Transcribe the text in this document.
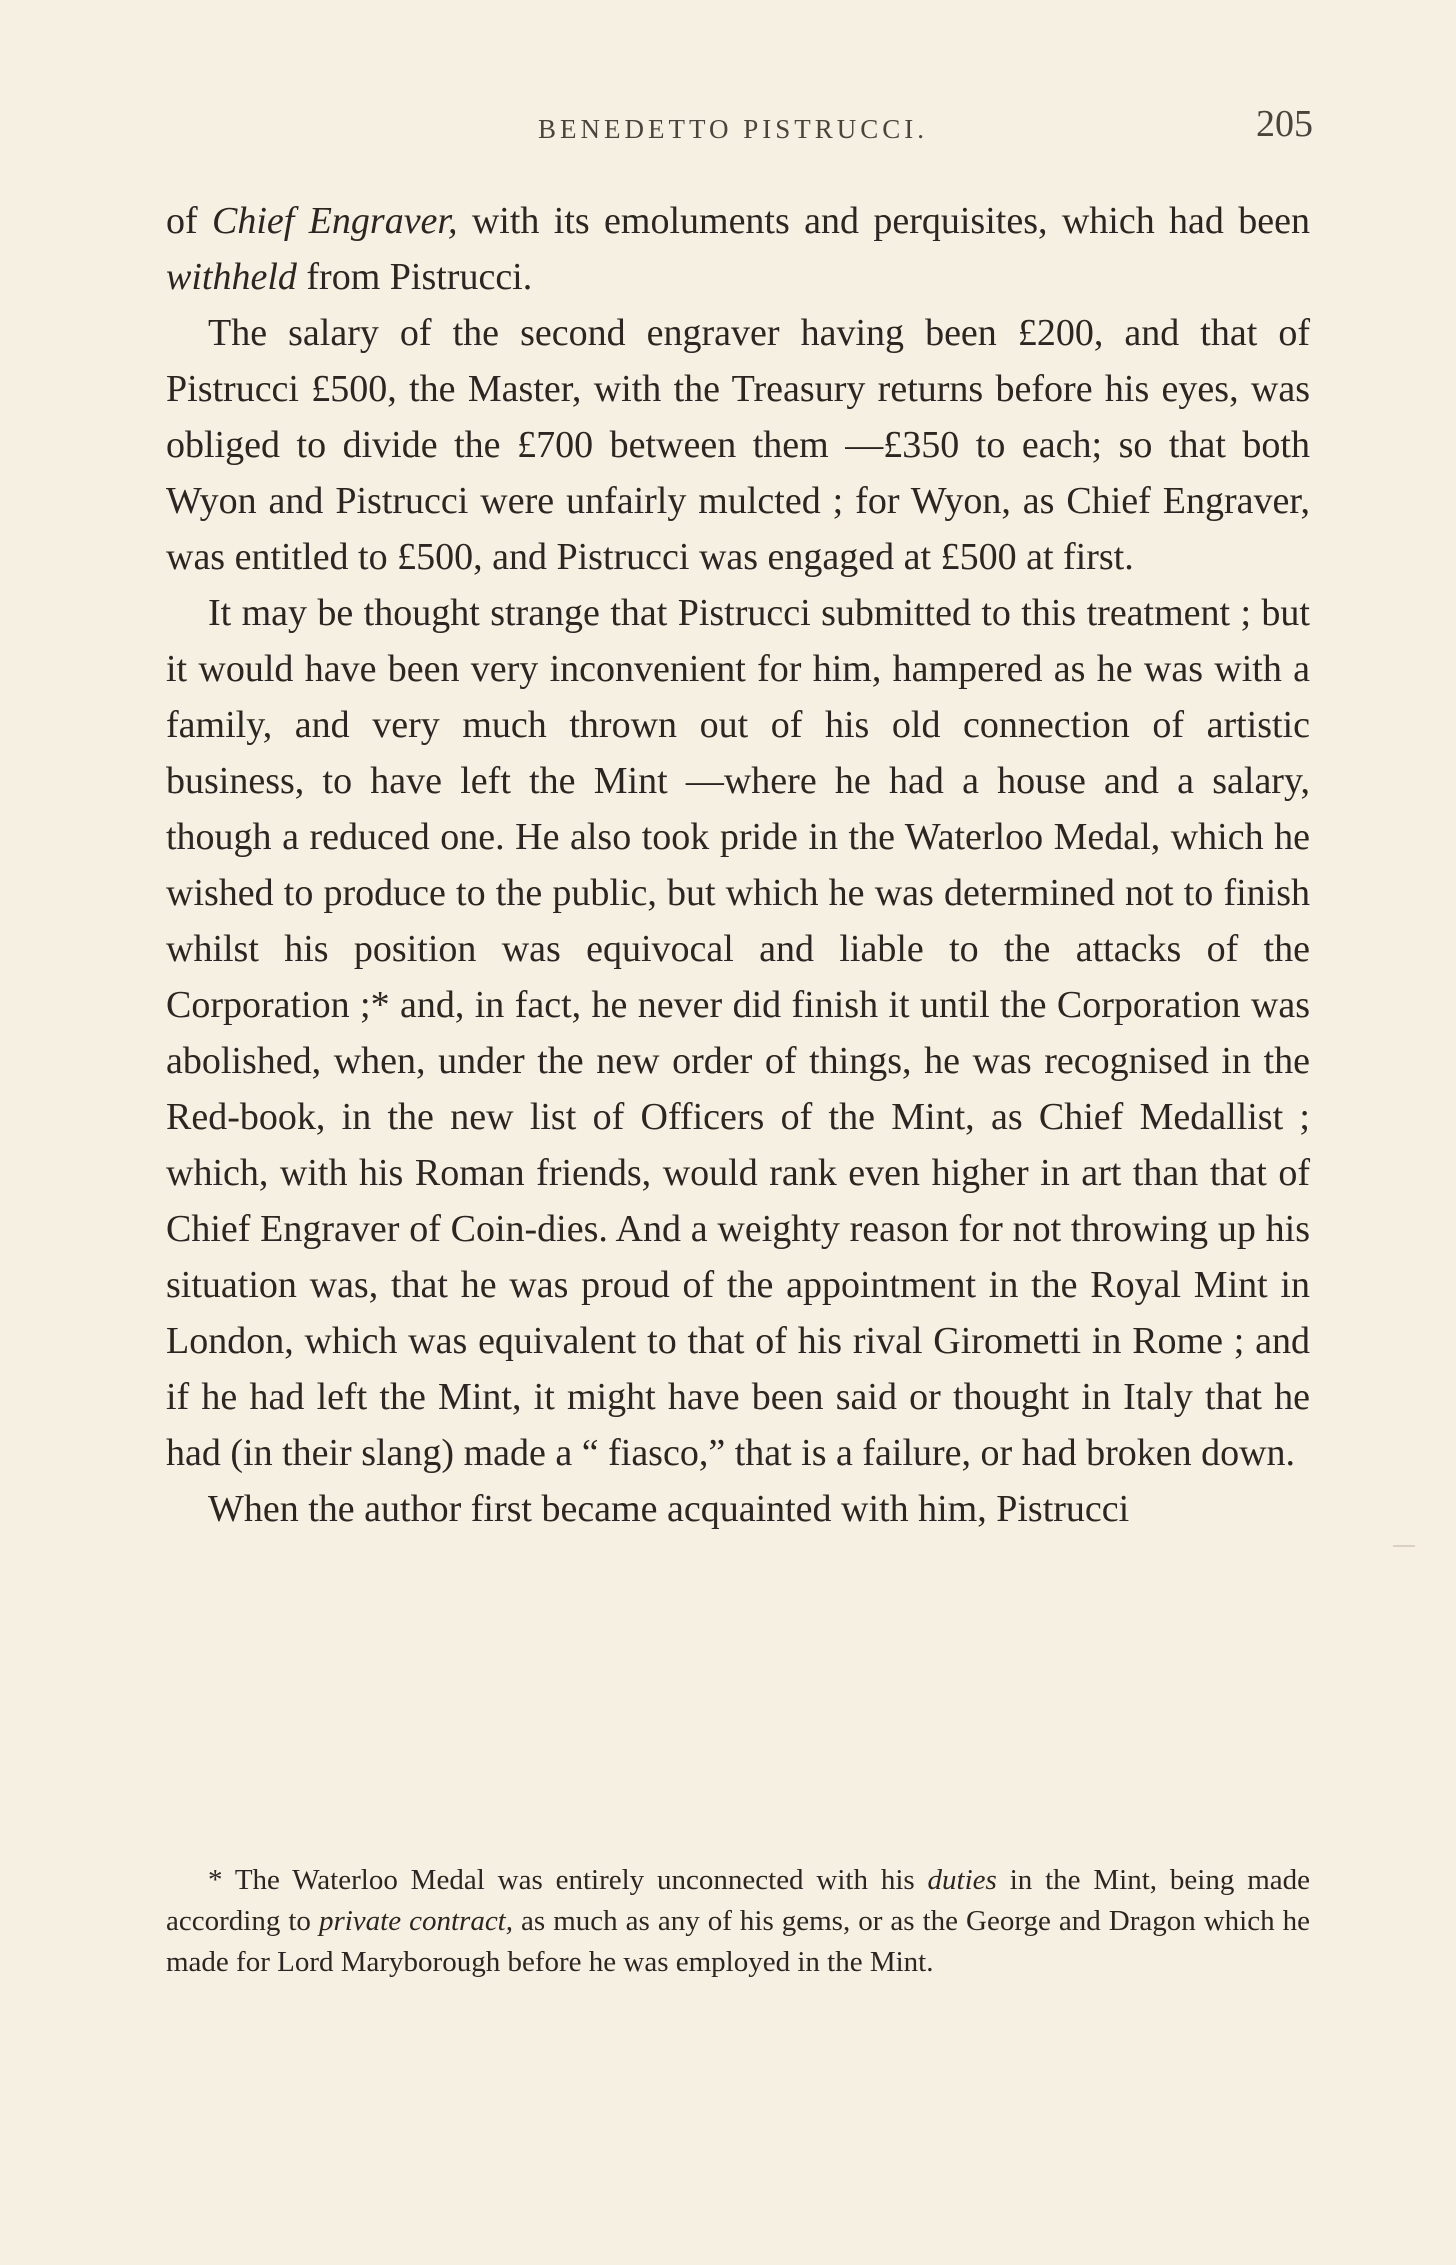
BENEDETTO PISTRUCCI.	205

of Chief Engraver, with its emoluments and perquisites, which had been withheld from Pistrucci.

The salary of the second engraver having been £200, and that of Pistrucci £500, the Master, with the Treasury returns before his eyes, was obliged to divide the £700 between them —£350 to each; so that both Wyon and Pistrucci were unfairly mulcted ; for Wyon, as Chief Engraver, was entitled to £500, and Pistrucci was engaged at £500 at first.

It may be thought strange that Pistrucci submitted to this treatment ; but it would have been very inconvenient for him, hampered as he was with a family, and very much thrown out of his old connection of artistic business, to have left the Mint —where he had a house and a salary, though a reduced one. He also took pride in the Waterloo Medal, which he wished to produce to the public, but which he was determined not to finish whilst his position was equivocal and liable to the attacks of the Corporation ;* and, in fact, he never did finish it until the Corporation was abolished, when, under the new order of things, he was recognised in the Red-book, in the new list of Officers of the Mint, as Chief Medallist ; which, with his Roman friends, would rank even higher in art than that of Chief Engraver of Coin-dies. And a weighty reason for not throwing up his situation was, that he was proud of the appointment in the Royal Mint in London, which was equivalent to that of his rival Girometti in Rome ; and if he had left the Mint, it might have been said or thought in Italy that he had (in their slang) made a “ fiasco,” that is a failure, or had broken down.

When the author first became acquainted with him, Pistrucci

* The Waterloo Medal was entirely unconnected with his duties in the Mint, being made according to private contract, as much as any of his gems, or as the George and Dragon which he made for Lord Maryborough before he was employed in the Mint.
